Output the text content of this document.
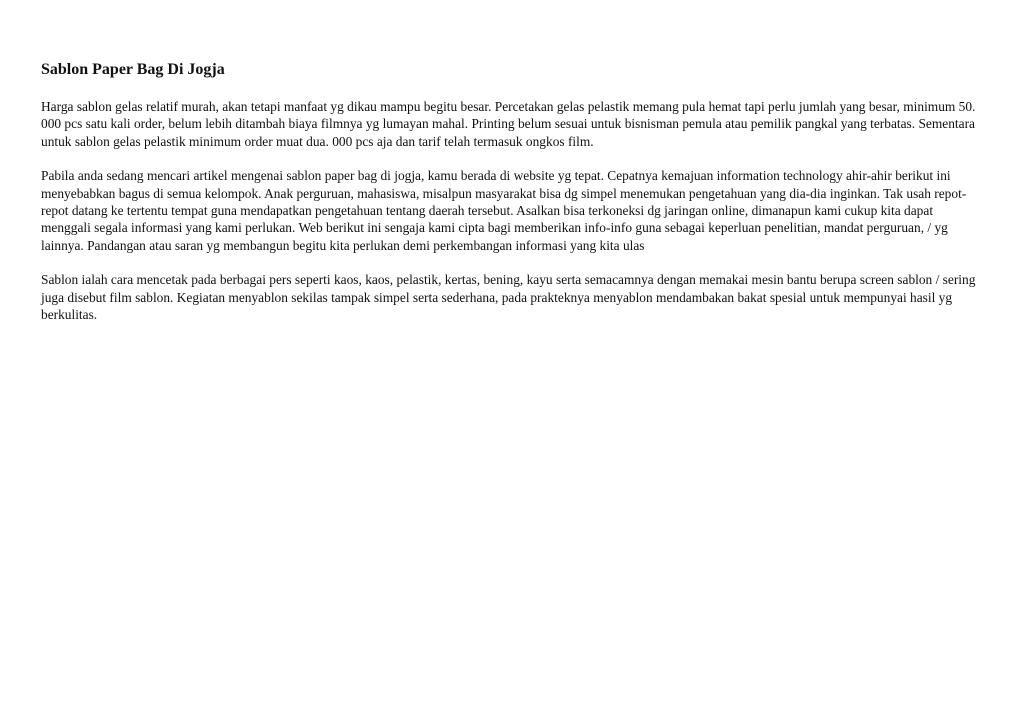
Sablon Paper Bag Di Jogja

Harga sablon gelas relatif murah, akan tetapi manfaat yg dikau mampu begitu besar. Percetakan gelas pelastik memang pula hemat tapi perlu jumlah yang besar, minimum 50. 000 pcs satu kali order, belum lebih ditambah biaya filmnya yg lumayan mahal. Printing belum sesuai untuk bisnisman pemula atau pemilik pangkal yang terbatas. Sementara untuk sablon gelas pelastik minimum order muat dua. 000 pcs aja dan tarif telah termasuk ongkos film.

Pabila anda sedang mencari artikel mengenai sablon paper bag di jogja, kamu berada di website yg tepat. Cepatnya kemajuan information technology ahir-ahir berikut ini menyebabkan bagus di semua kelompok. Anak perguruan, mahasiswa, misalpun masyarakat bisa dg simpel menemukan pengetahuan yang dia-dia inginkan. Tak usah repot-repot datang ke tertentu tempat guna mendapatkan pengetahuan tentang daerah tersebut. Asalkan bisa terkoneksi dg jaringan online, dimanapun kami cukup kita dapat menggali segala informasi yang kami perlukan. Web berikut ini sengaja kami cipta bagi memberikan info-info guna sebagai keperluan penelitian, mandat perguruan, / yg lainnya. Pandangan atau saran yg membangun begitu kita perlukan demi perkembangan informasi yang kita ulas

Sablon ialah cara mencetak pada berbagai pers seperti kaos, kaos, pelastik, kertas, bening, kayu serta semacamnya dengan memakai mesin bantu berupa screen sablon / sering juga disebut film sablon. Kegiatan menyablon sekilas tampak simpel serta sederhana, pada prakteknya menyablon mendambakan bakat spesial untuk mempunyai hasil yg berkulitas.
